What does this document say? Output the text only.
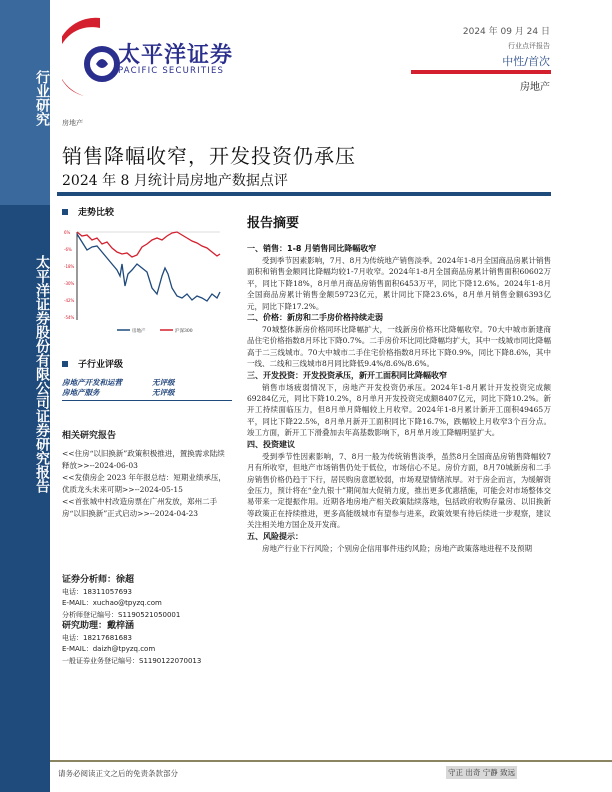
行业研究
太平洋证券股份有限公司证券研究报告
太平洋证券
PACIFIC SECURITIES
2024 年 09 月 24 日
行业点评报告
中性/首次
房地产
房地产
销售降幅收窄，开发投资仍承压
2024 年 8 月统计局房地产数据点评
走势比较
6%
-6%
-18%
-30%
-42%
-54%
房地产	沪深300
子行业评级
房地产开发和运营	无评级
房地产服务	无评级
相关研究报告
<<住房“以旧换新”政策积极推进，置换需求陆续释放>>--2024-06-03
<<发债房企 2023 年年报总结：短期业绩承压，优质龙头未来可期>>--2024-05-15
<<首张城中村改造房票在广州发放，郑州二手房“以旧换新”正式启动>>--2024-04-23
证券分析师：徐超
电话：18311057693
E-MAIL：xuchao@tpyzq.com
分析师登记编号：S1190521050001
研究助理：戴梓涵
电话：18217681683
E-MAIL：daizh@tpyzq.com
一般证券业务登记编号：S1190122070013
报告摘要
一、销售：1-8 月销售同比降幅收窄

受到季节因素影响，7月、8月为传统地产销售淡季。2024年1-8月全国商品房累计销售面积和销售金额同比降幅均较1-7月收窄。2024年1-8月全国商品房累计销售面积60602万平，同比下降18%，8月单月商品房销售面积6453万平，同比下降12.6%。2024年1-8月全国商品房累计销售金额59723亿元，累计同比下降23.6%，8月单月销售金额6393亿元，同比下降17.2%。

二、价格：新房和二手房价格持续走弱

70城整体新房价格同环比降幅扩大，一线新房价格环比降幅收窄。70大中城市新建商品住宅价格指数8月环比下降0.7%。二手房价环比同比降幅均扩大，其中一线城市同比降幅高于二三线城市。70大中城市二手住宅价格指数8月环比下降0.9%，同比下降8.6%，其中一线、二线和三线城市8月同比降低9.4%/8.6%/8.6%。

三、开发投资：开发投资承压，新开工面积同比降幅收窄

销售市场疲弱情况下，房地产开发投资仍承压。2024年1-8月累计开发投资完成额69284亿元，同比下降10.2%，8月单月开发投资完成额8407亿元，同比下降10.2%。新开工持续面临压力，但8月单月降幅较上月收窄。2024年1-8月累计新开工面积49465万平，同比下降22.5%，8月单月新开工面积同比下降16.7%，跌幅较上月收窄3个百分点。竣工方面，新开工下滑叠加去年高基数影响下，8月单月竣工降幅明显扩大。

四、投资建议

受到季节性因素影响，7、8月一般为传统销售淡季，虽然8月全国商品房销售降幅较7月有所收窄，但地产市场销售仍处于低位，市场信心不足。房价方面，8月70城新房和二手房销售价格仍趋于下行，居民购房意愿较弱，市场观望情绪浓厚。对于房企而言，为缓解资金压力，预计将在“金九银十”期间加大促销力度，推出更多优惠措施，可能会对市场整体交易带来一定提振作用。近期各地房地产相关政策陆续落地，包括政府收购存量房、以旧换新等政策正在持续推进，更多高能级城市有望参与进来，政策效果有待后续进一步观察，建议关注相关地方国企及开发商。

五、风险提示：

房地产行业下行风险；个别房企信用事件违约风险；房地产政策落地进程不及预期

请务必阅读正文之后的免责条款部分	守正 出奇 宁静 致远
